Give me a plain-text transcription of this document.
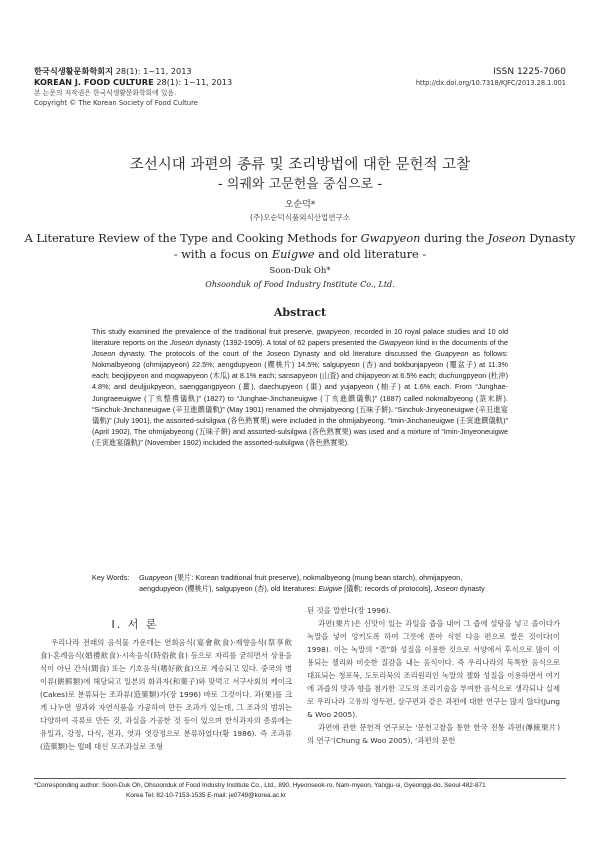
한국식생활문화학회지 28(1): 1~11, 2013
KOREAN J. FOOD CULTURE 28(1): 1~11, 2013
본 논문의 저작권은 한국식생활문화학회에 있음.
Copyright © The Korean Society of Food Culture
ISSN 1225-7060
http://dx.doi.org/10.7318/KJFC/2013.28.1.001
조선시대 과편의 종류 및 조리방법에 대한 문헌적 고찰
- 의궤와 고문헌을 중심으로 -
오순덕*
(주)오순덕식품외식산업연구소
A Literature Review of the Type and Cooking Methods for Gwapyeon during the Joseon Dynasty
- with a focus on Euigwe and old literature -
Soon-Duk Oh*
Ohsoonduk of Food Industry Institute Co., Ltd.
Abstract

This study examined the prevalence of the traditional fruit preserve, gwapyeon, recorded in 10 royal palace studies and 10 old literature reports on the Joseon dynasty (1392-1909). A total of 62 papers presented the Gwapyeon kind in the documents of the Joseon dynasty. The protocols of the court of the Joseon Dynasty and old literature discussed the Guapyeon as follows: Nokmalbyeong (ohmijapyeon) 22.5%; aengdupyeon (櫻桃片) 14.5%; salgupyeon (杏) and bokbunjapyeon (覆盆子) at 11.3% each; beojjipyeon and mogwapyeon (木瓜) at 8.1% each; sansapyeon (山査) and chijapyeon at 6.5% each; duchungpyeon (杜沖) 4.8%; and deuljjukpyeon, saenggangpyeon (薑), daechupyeon (棗) and yujapyeon (柚子) at 1.6% each. From “Junghae-Jungraeeuigwe (丁亥整禮儀軌)” (1827) to “Junghae-Jinchaneuigwe (丁亥進饌儀軌)” (1887) called nokmalbyeong (菉末餠). “Sinchuk-Jinchaneuigwe (辛丑進饌儀軌)” (May 1901) renamed the ohmijabyeong (五味子餠). “Sinchuk-Jinyeoneuigwe (辛丑進宴儀軌)” (July 1901), the assorted-sulsilgwa (各色熟實果) were included in the ohmijabyeong. “Imin-Jinchaneuigwe (壬寅進饌儀軌)” (April 1902), The ohmijabyeong (五味子餠) and assorted-sulsilgwa (各色熟實果) was used and a mixture of “Imin-Jinyeoneuigwe (壬寅進宴儀軌)” (November 1902) included the assorted-sulsilgwa (各色熟實果).

Key Words:	Guapyeon (果片: Korean traditional fruit preserve), nokmalbyeong (mung bean starch), ohmijapyeon, aengdupyeon (櫻桃片), salgupyeon (杏), old literatures: Euigwe [儀軌: records of protocols], Joseon dynasty
I. 서 론

우리나라 전래의 음식물 가운데는 연회음식(宴會飮食)·제향음식(祭享飮食)·혼례음식(婚禮飮食)·시속음식(時俗飮食) 등으로 자리를 굳히면서 상용음식이 아닌 간식(間食) 또는 기호음식(嗜好飮食)으로 계승되고 있다. 중국의 병이류(餠餌類)에 해당되고 일본의 화과자(和菓子)와 맞먹고 서구사회의 케이크(Cakes)로 분류되는 조과류(造菓類)가(장 1996) 바로 그것이다. 과(果)를 크게 나누면 생과와 자연식품을 가공하여 만든 조과가 있는데, 그 조과의 범위는 다양하여 곡류로 만든 것, 과실을 가공한 것 등이 있으며 한식과자의 종류에는 유밀과, 강정, 다식, 전과, 엿과 엿강정으로 분류하였다(황 1986). 즉 조과류(造菓類)는 떨떼 대신 모조과실로 조형

된 것을 말한다(장 1996).

과편(果片)은 신맛이 있는 과일을 즙을 내어 그 즙에 설탕을 넣고 졸이다가 녹말을 넣어 엉키도록 하여 그릇에 쏟아 식힌 다음 편으로 썰은 것이다(이 1998). 이는 녹말의 “겔”화 성질을 이용한 것으로 서양에서 후식으로 많이 이용되는 젤리와 비슷한 질감을 내는 음식이다. 즉 우리나라의 독특한 음식으로 대표되는 청포묵, 도토리묵의 조리원리인 녹말의 젤화 성질을 이용하면서 여기에 과즙의 맛과 향을 첨가한 고도의 조리기술을 부여한 음식으로 생각되나 실제로 우리나라 고유의 영두편, 살구편과 같은 과편에 대한 연구는 많지 않다(Jung & Woo 2005).

과편에 관한 문헌적 연구로는 ‘문헌고찰을 통한 한국 전통 과편(傳統果片)의 연구’(Chung & Woo 2005), ‘과편의 문헌

*Corresponding author: Soon-Duk Oh, Ohsoonduk of Food Industry Institute Co., Ltd., 890, Hyeonseok-ro, Nam-myeon, Yangju-si, Gyeonggi-do, Seoul 482-871
Korea Tel: 82-10-7153-1535 E-mail: je0749@korea.ac.kr
